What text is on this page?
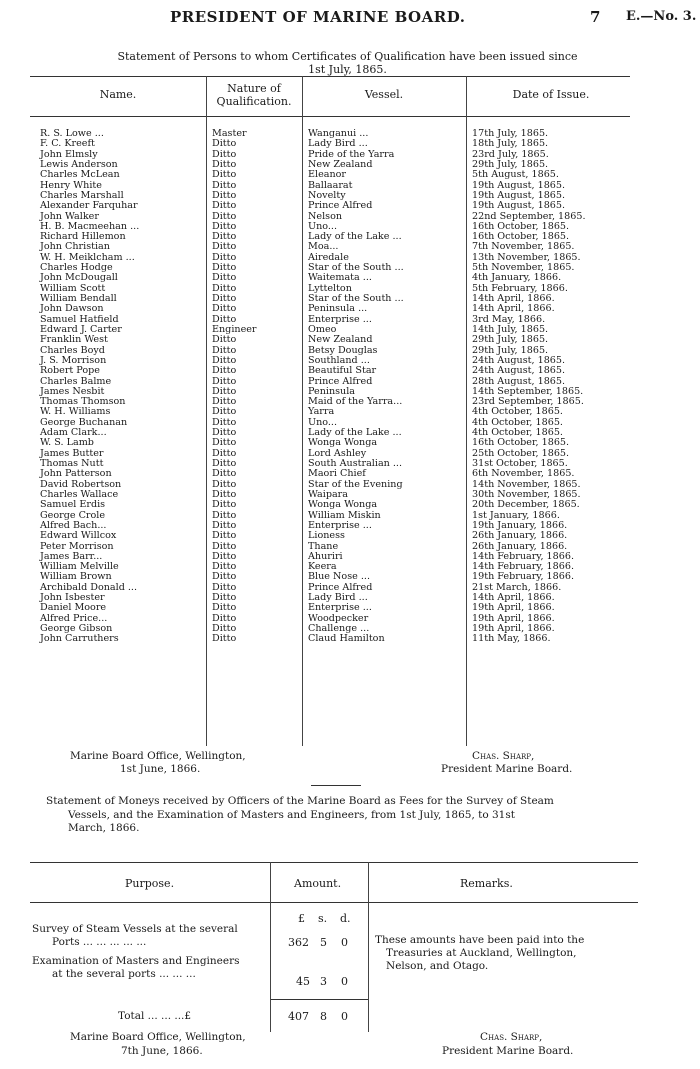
PRESIDENT OF MARINE BOARD.	7 E.—No. 3.
Statement of Persons to whom Certificates of Qualification have been issued since
1st July, 1865.
Name.	Nature of
Qualification.
Vessel.	Date of Issue.
R. S. Lowe ...	Master	Wanganui ...	17th July, 1865.
F. C. Kreeft	Ditto	Lady Bird ...	18th July, 1865.
John Elmsly	Ditto	Pride of the Yarra	23rd July, 1865.
Lewis Anderson	Ditto	New Zealand	29th July, 1865.
Charles McLean	Ditto	Eleanor	5th August, 1865.
Henry White	Ditto	Ballaarat	19th August, 1865.
Charles Marshall	Ditto	Novelty	19th August, 1865.
Alexander Farquhar	Ditto	Prince Alfred	19th August, 1865.
John Walker	Ditto	Nelson	22nd September, 1865.
H. B. Macmeehan ...	Ditto	Uno...	16th October, 1865.
Richard Hillemon	Ditto	Lady of the Lake ...	16th October, 1865.
John Christian	Ditto	Moa...	7th November, 1865.
W. H. Meiklcham ...	Ditto	Airedale	13th November, 1865.
Charles Hodge	Ditto	Star of the South ...	5th November, 1865.
John McDougall	Ditto	Waitemata ...	4th January, 1866.
William Scott	Ditto	Lyttelton	5th February, 1866.
William Bendall	Ditto	Star of the South ...	14th April, 1866.
John Dawson	Ditto	Peninsula ...	14th April, 1866.
Samuel Hatfield	Ditto	Enterprise ...	3rd May, 1866.
Edward J. Carter	Engineer	Omeo	14th July, 1865.
Franklin West	Ditto	New Zealand	29th July, 1865.
Charles Boyd	Ditto	Betsy Douglas	29th July, 1865.
J. S. Morrison	Ditto	Southland ...	24th August, 1865.
Robert Pope	Ditto	Beautiful Star	24th August, 1865.
Charles Balme	Ditto	Prince Alfred	28th August, 1865.
James Nesbit	Ditto	Peninsula	14th September, 1865.
Thomas Thomson	Ditto	Maid of the Yarra...	23rd September, 1865.
W. H. Williams	Ditto	Yarra	4th October, 1865.
George Buchanan	Ditto	Uno...	4th October, 1865.
Adam Clark...	Ditto	Lady of the Lake ...	4th October, 1865.
W. S. Lamb	Ditto	Wonga Wonga	16th October, 1865.
James Butter	Ditto	Lord Ashley	25th October, 1865.
Thomas Nutt	Ditto	South Australian ...	31st October, 1865.
John Patterson	Ditto	Maori Chief	6th November, 1865.
David Robertson	Ditto	Star of the Evening	14th November, 1865.
Charles Wallace	Ditto	Waipara	30th November, 1865.
Samuel Erdis	Ditto	Wonga Wonga	20th December, 1865.
George Crole	Ditto	William Miskin	1st January, 1866.
Alfred Bach...	Ditto	Enterprise ...	19th January, 1866.
Edward Willcox	Ditto	Lioness	26th January, 1866.
Peter Morrison	Ditto	Thane	26th January, 1866.
James Barr...	Ditto	Ahuriri	14th February, 1866.
William Melville	Ditto	Keera	14th February, 1866.
William Brown	Ditto	Blue Nose ...	19th February, 1866.
Archibald Donald ...	Ditto	Prince Alfred	21st March, 1866.
John Isbester	Ditto	Lady Bird ...	14th April, 1866.
Daniel Moore	Ditto	Enterprise ...	19th April, 1866.
Alfred Price...	Ditto	Woodpecker	19th April, 1866.
George Gibson	Ditto	Challenge ...	19th April, 1866.
John Carruthers	Ditto	Claud Hamilton	11th May, 1866.
Marine Board Office, Wellington,
1st June, 1866.
Chas. Sharp,
President Marine Board.
Statement of Moneys received by Officers of the Marine Board as Fees for the Survey of Steam
Vessels, and the Examination of Masters and Engineers, from 1st July, 1865, to 31st
March, 1866.
Purpose.	Amount.	Remarks.
£ s. d.
Survey of Steam Vessels at the several
Ports ... ... ... ... ...	362 5 0
Examination of Masters and Engineers
at the several ports ... ... ...
45 3 0
Total ... ... ...£	407 8 0
These amounts have been paid into the
Treasuries at Auckland, Wellington,
Nelson, and Otago.
Marine Board Office, Wellington,
7th June, 1866.
Chas. Sharp,
President Marine Board.
